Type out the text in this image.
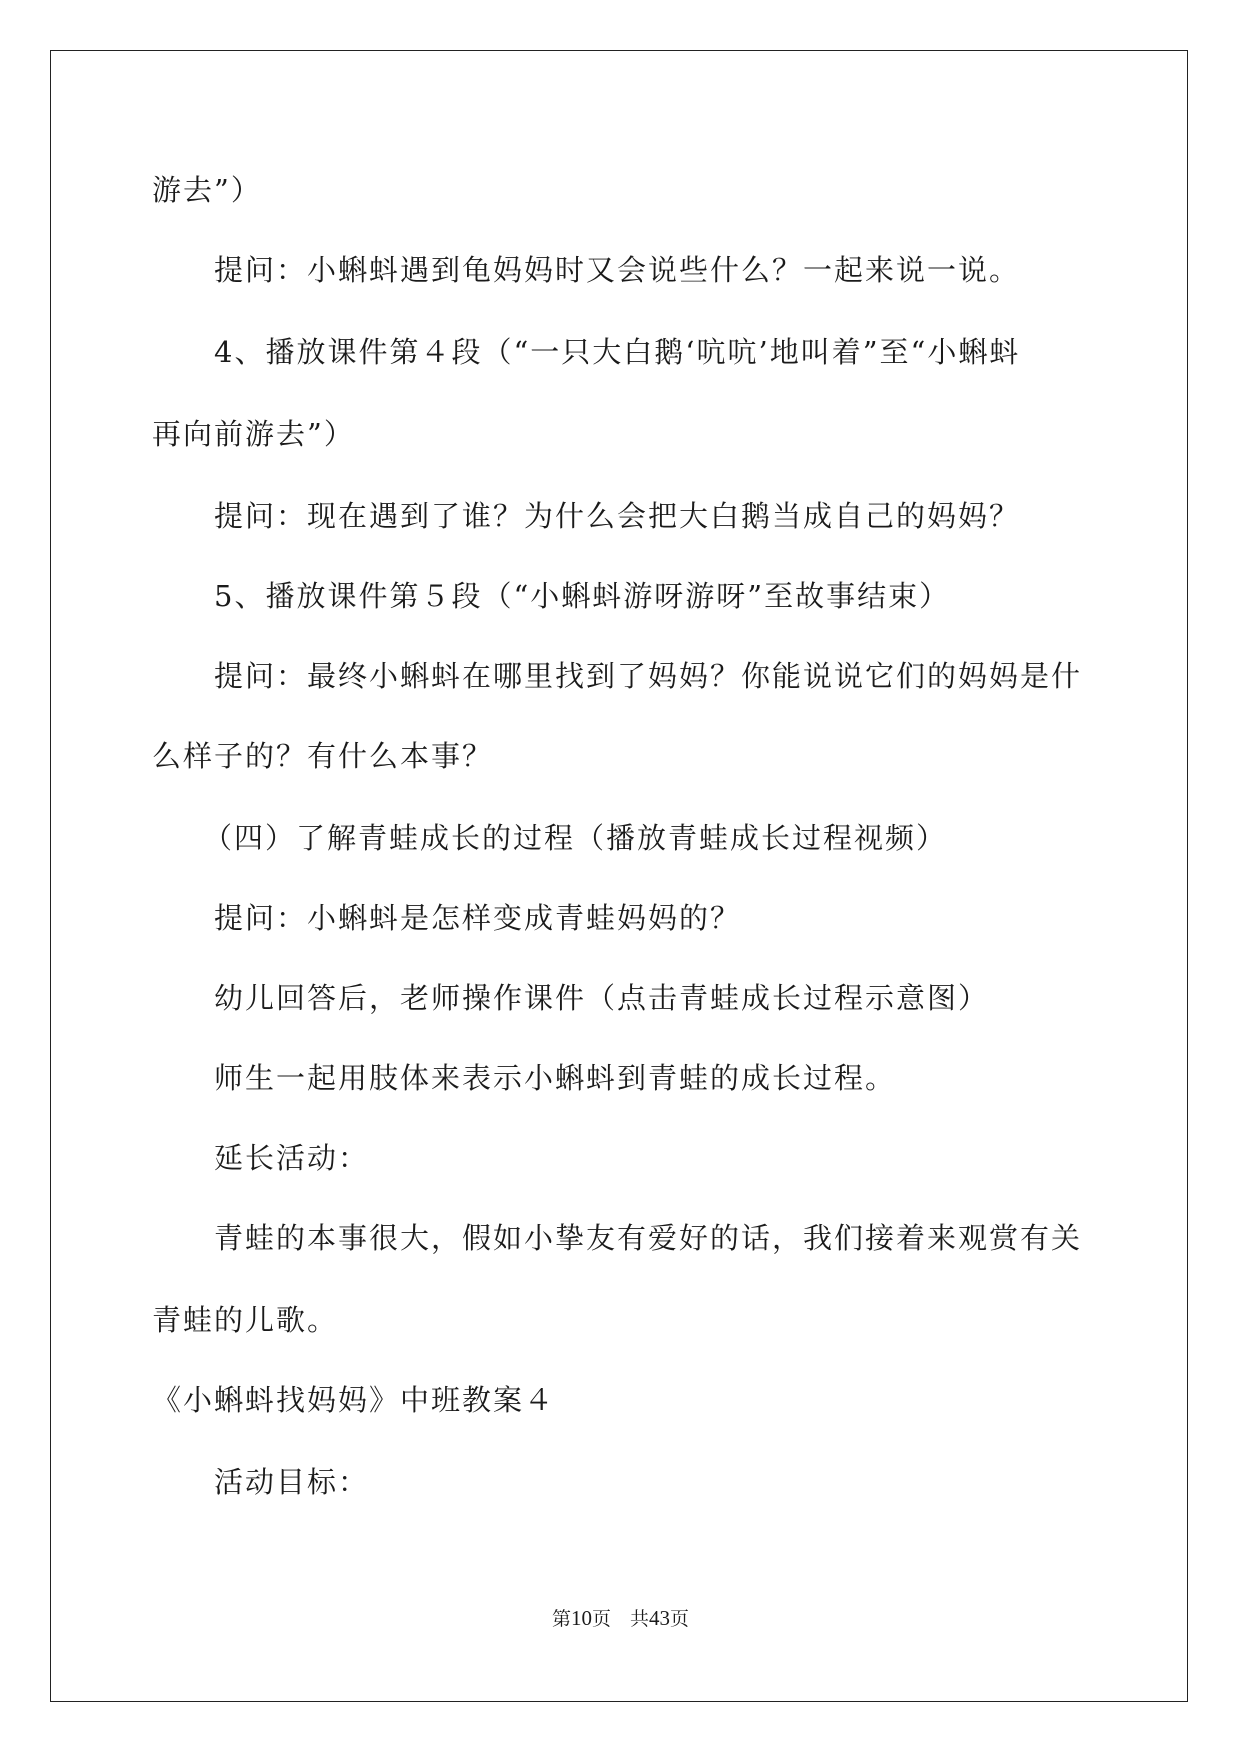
游去”）
提问：小蝌蚪遇到龟妈妈时又会说些什么？一起来说一说。
4、播放课件第４段（“一只大白鹅‘吭吭’地叫着”至“小蝌蚪
再向前游去”）
提问：现在遇到了谁？为什么会把大白鹅当成自己的妈妈？
5、播放课件第５段（“小蝌蚪游呀游呀”至故事结束）
提问：最终小蝌蚪在哪里找到了妈妈？你能说说它们的妈妈是什
么样子的？有什么本事？
（四）了解青蛙成长的过程（播放青蛙成长过程视频）
提问：小蝌蚪是怎样变成青蛙妈妈的？
幼儿回答后，老师操作课件（点击青蛙成长过程示意图）
师生一起用肢体来表示小蝌蚪到青蛙的成长过程。
延长活动：
青蛙的本事很大，假如小挚友有爱好的话，我们接着来观赏有关
青蛙的儿歌。
《小蝌蚪找妈妈》中班教案４
活动目标：
第10页　共43页
